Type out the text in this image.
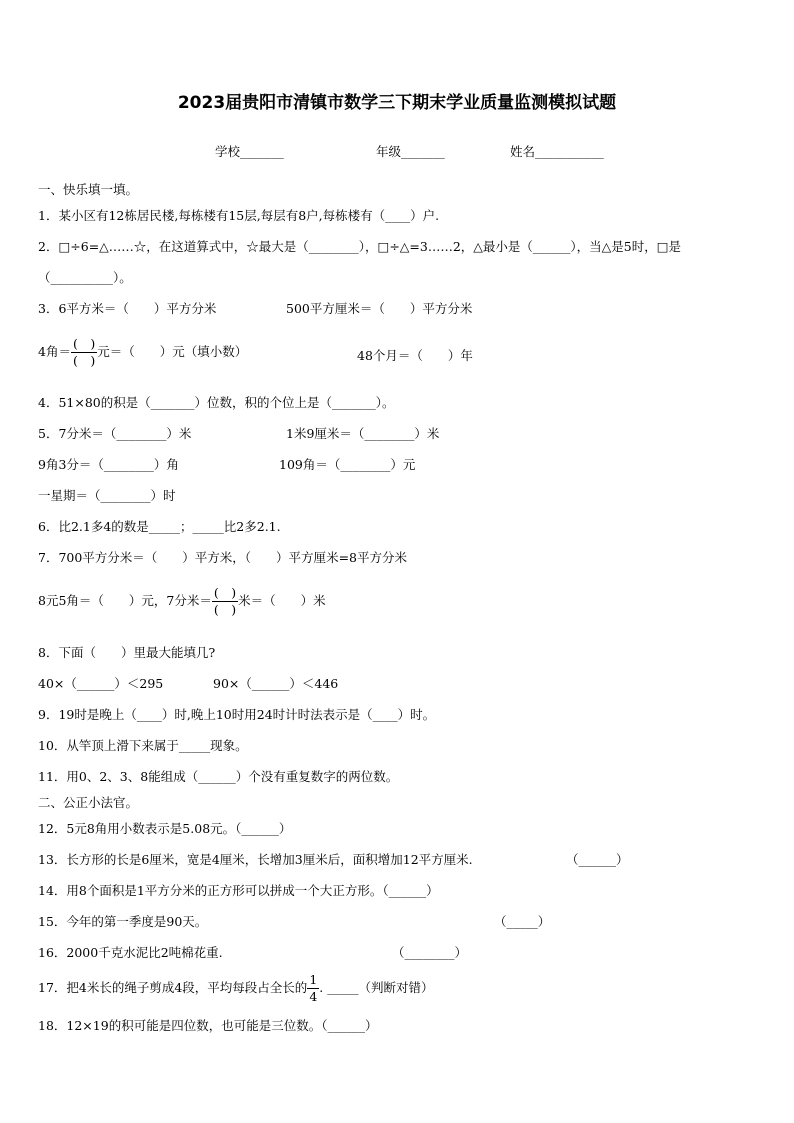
2023届贵阳市清镇市数学三下期末学业质量监测模拟试题
学校_______	年级_______	姓名___________
一、快乐填一填。
1．某小区有12栋居民楼,每栋楼有15层,每层有8户,每栋楼有（____）户.
2．□÷6=△……☆，在这道算式中，☆最大是（________），□÷△=3……2，△最小是（______），当△是5时，□是
（__________）。
3．6平方米＝（　　）平方分米	500平方厘米＝（　　）平方分米
4角＝ $\frac{( )}{( )}$ 元＝（　　）元（填小数）	48个月＝（　　）年
4．51×80的积是（_______）位数，积的个位上是（_______）。
5．7分米＝（________）米	1米9厘米＝（________）米
9角3分＝（________）角	109角＝（________）元
一星期＝（________）时
6．比2.1多4的数是_____；_____比2多2.1.
7．700平方分米＝（　　）平方米，（　　）平方厘米=8平方分米
8元5角＝（　　）元，7分米＝ $\frac{( )}{( )}$ 米＝（　　）米
8．下面（　　）里最大能填几?
40×（______）＜295	90×（______）＜446
9．19时是晚上（____）时,晚上10时用24时计时法表示是（____）时。
10．从竿顶上滑下来属于_____现象。
11．用0、2、3、8能组成（______）个没有重复数字的两位数。
二、公正小法官。
12．5元8角用小数表示是5.08元。（______）
13．长方形的长是6厘米，宽是4厘米，长增加3厘米后，面积增加12平方厘米.	（______）
14．用8个面积是1平方分米的正方形可以拼成一个大正方形。（______）
15．今年的第一季度是90天。	（_____）
16．2000千克水泥比2吨棉花重.	（________）
17．把4米长的绳子剪成4段，平均每段占全长的 $\frac{1}{4}$ . _____（判断对错）
18．12×19的积可能是四位数，也可能是三位数。（______）
